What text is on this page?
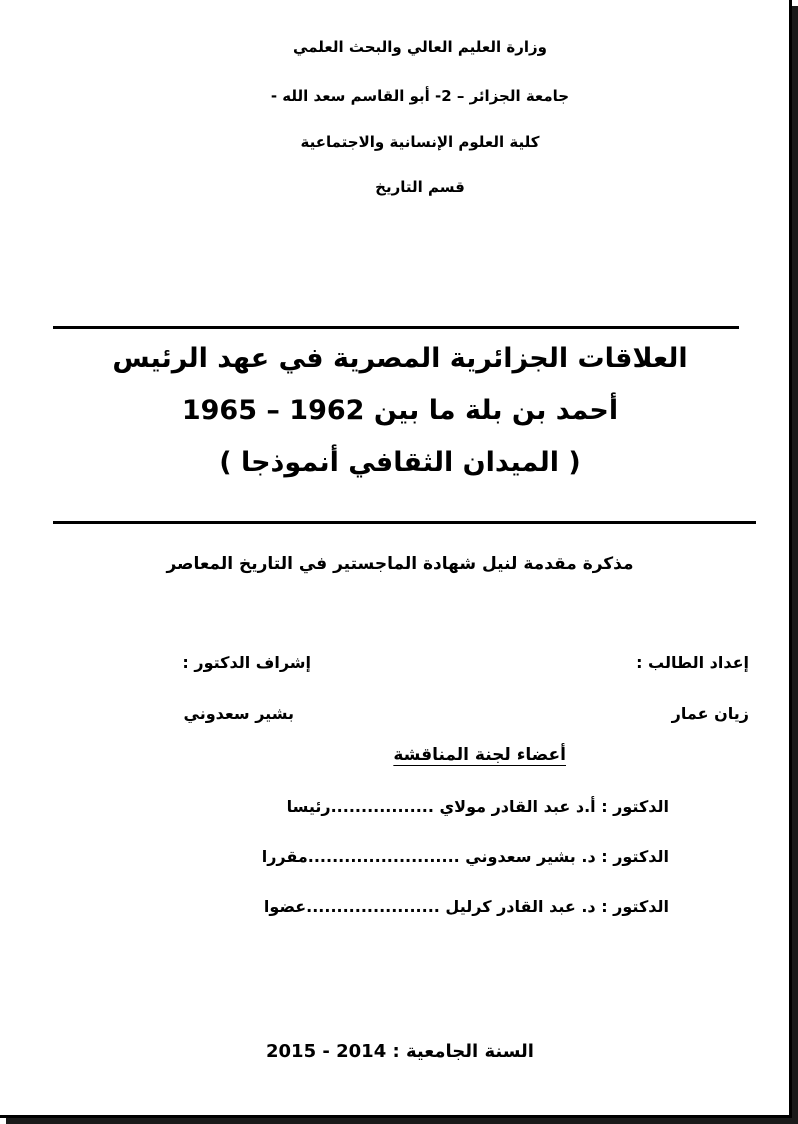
وزارة العليم العالي والبحث العلمي
جامعة الجزائر – 2- أبو القاسم سعد الله -
كلية العلوم الإنسانية والاجتماعية
قسم التاريخ
العلاقات الجزائرية المصرية في عهد الرئيس
أحمد بن بلة ما بين 1962 – 1965
( الميدان الثقافي أنموذجا )
مذكرة مقدمة لنيل شهادة الماجستير في التاريخ المعاصر
إعداد الطالب :
إشراف الدكتور :
زيان عمار
بشير سعدوني
أعضاء لجنة المناقشة
الدكتور : أ.د عبد القادر مولاي .................رئيسا
الدكتور : د. بشير سعدوني .........................مقررا
الدكتور : د. عبد القادر كرليل ......................عضوا
السنة الجامعية : 2014 - 2015
